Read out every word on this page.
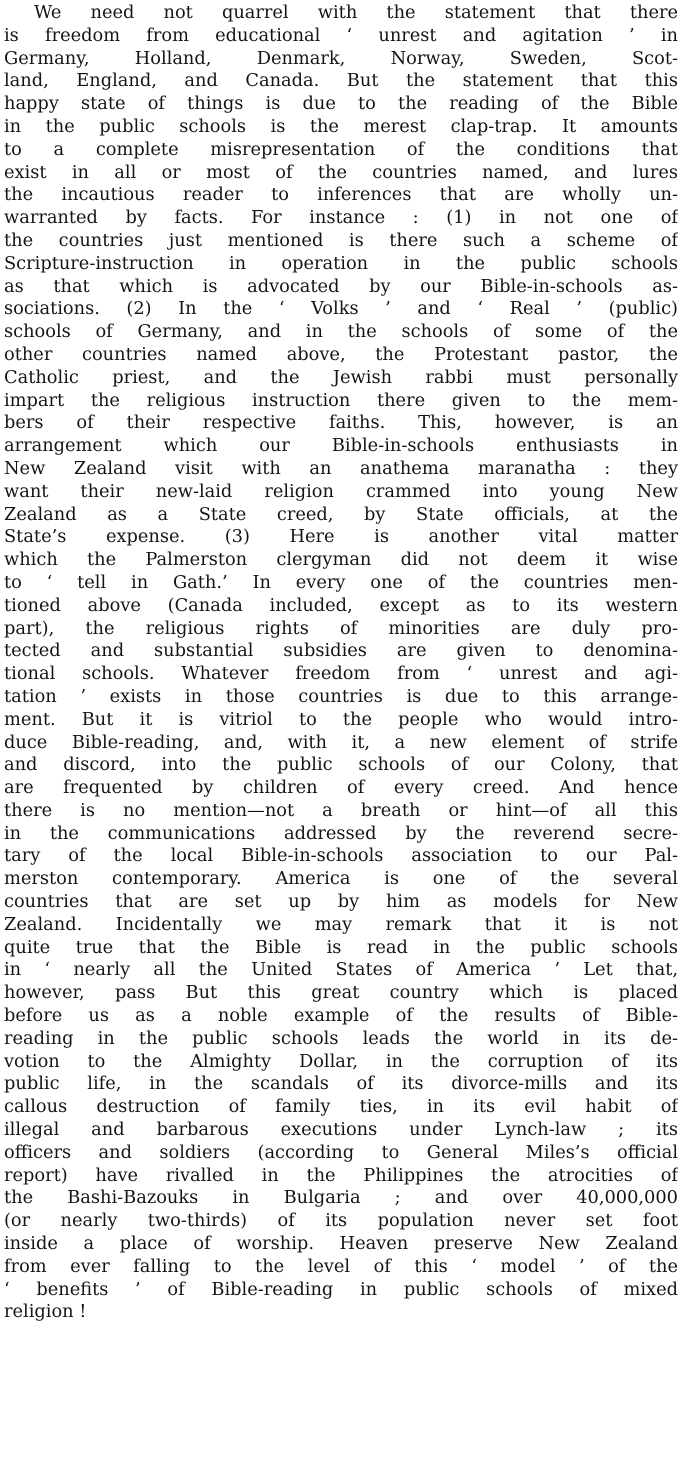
We need not quarrel with the statement that there
is freedom from educational ‘ unrest and agitation ’ in
Germany, Holland, Denmark, Norway, Sweden, Scot-
land, England, and Canada. But the statement that this
happy state of things is due to the reading of the Bible
in the public schools is the merest clap-trap. It amounts
to a complete misrepresentation of the conditions that
exist in all or most of the countries named, and lures
the incautious reader to inferences that are wholly un-
warranted by facts. For instance : (1) in not one of
the countries just mentioned is there such a scheme of
Scripture-instruction in operation in the public schools
as that which is advocated by our Bible-in-schools as-
sociations. (2) In the ‘ Volks ’ and ‘ Real ’ (public)
schools of Germany, and in the schools of some of the
other countries named above, the Protestant pastor, the
Catholic priest, and the Jewish rabbi must personally
impart the religious instruction there given to the mem-
bers of their respective faiths. This, however, is an
arrangement which our Bible-in-schools enthusiasts in
New Zealand visit with an anathema maranatha : they
want their new-laid religion crammed into young New
Zealand as a State creed, by State officials, at the
State’s expense. (3) Here is another vital matter
which the Palmerston clergyman did not deem it wise
to ‘ tell in Gath.’ In every one of the countries men-
tioned above (Canada included, except as to its western
part), the religious rights of minorities are duly pro-
tected and substantial subsidies are given to denomina-
tional schools. Whatever freedom from ‘ unrest and agi-
tation ’ exists in those countries is due to this arrange-
ment. But it is vitriol to the people who would intro-
duce Bible-reading, and, with it, a new element of strife
and discord, into the public schools of our Colony, that
are frequented by children of every creed. And hence
there is no mention—not a breath or hint—of all this
in the communications addressed by the reverend secre-
tary of the local Bible-in-schools association to our Pal-
merston contemporary. America is one of the several
countries that are set up by him as models for New
Zealand. Incidentally we may remark that it is not
quite true that the Bible is read in the public schools
in ‘ nearly all the United States of America ’ Let that,
however, pass But this great country which is placed
before us as a noble example of the results of Bible-
reading in the public schools leads the world in its de-
votion to the Almighty Dollar, in the corruption of its
public life, in the scandals of its divorce-mills and its
callous destruction of family ties, in its evil habit of
illegal and barbarous executions under Lynch-law ; its
officers and soldiers (according to General Miles’s official
report) have rivalled in the Philippines the atrocities of
the Bashi-Bazouks in Bulgaria ; and over 40,000,000
(or nearly two-thirds) of its population never set foot
inside a place of worship. Heaven preserve New Zealand
from ever falling to the level of this ‘ model ’ of the
‘ benefits ’ of Bible-reading in public schools of mixed
religion !
